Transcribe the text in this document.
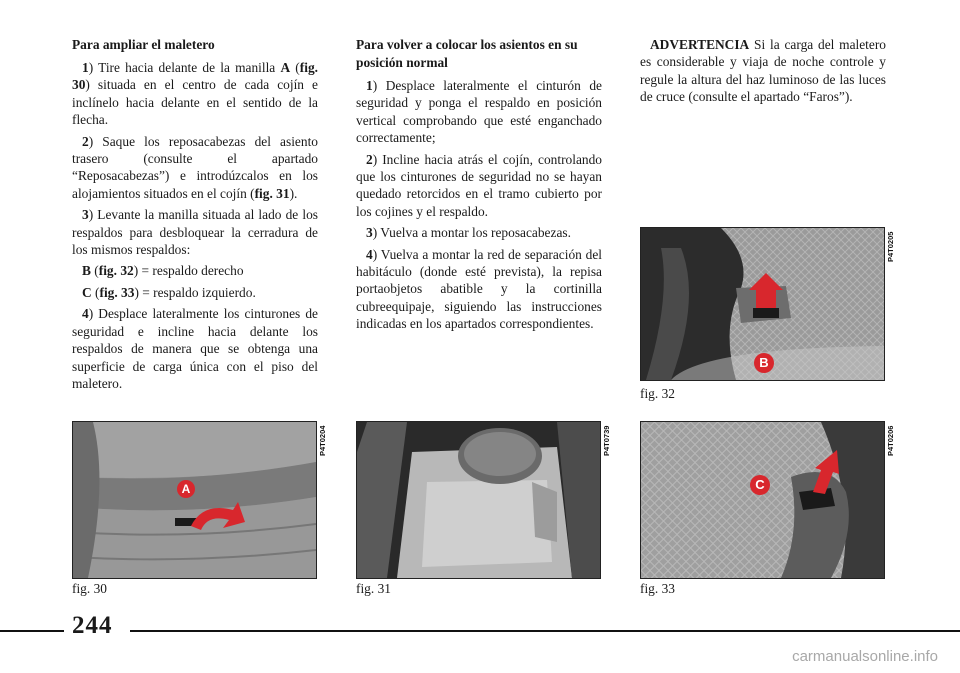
Para ampliar el maletero

1) Tire hacia delante de la manilla A (fig. 30) situada en el centro de cada cojín e inclínelo hacia delante en el sentido de la flecha.

2) Saque los reposacabezas del asiento trasero (consulte el apartado “Reposacabezas”) e introdúzcalos en los alojamientos situados en el cojín (fig. 31).

3) Levante la manilla situada al lado de los respaldos para desbloquear la cerradura de los mismos respaldos:

B (fig. 32) = respaldo derecho

C (fig. 33) = respaldo izquierdo.

4) Desplace lateralmente los cinturones de seguridad e incline hacia delante los respaldos de manera que se obtenga una superficie de carga única con el piso del maletero.

Para volver a colocar los asientos en su posición normal

1) Desplace lateralmente el cinturón de seguridad y ponga el respaldo en posición vertical comprobando que esté enganchado correctamente;

2) Incline hacia atrás el cojín, controlando que los cinturones de seguridad no se hayan quedado retorcidos en el tramo cubierto por los cojines y el respaldo.

3) Vuelva a montar los reposacabezas.

4) Vuelva a montar la red de separación del habitáculo (donde esté prevista), la repisa portaobjetos abatible y la cortinilla cubreequipaje, siguiendo las instrucciones indicadas en los apartados correspondientes.

ADVERTENCIA Si la carga del maletero es considerable y viaja de noche controle y regule la altura del haz luminoso de las luces de cruce (consulte el apartado “Faros”).

B
P4T0205
fig. 32
A
P4T0204
fig. 30
P4T0739
fig. 31
C
P4T0206
fig. 33
244
carmanualsonline.info
